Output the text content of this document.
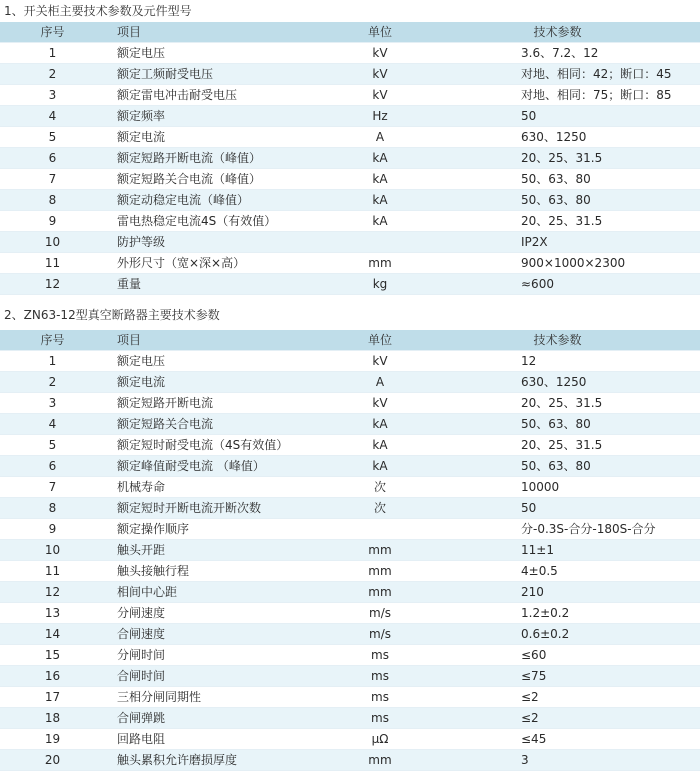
1、开关柜主要技术参数及元件型号
序号	项目	单位	技术参数
1	额定电压	kV	3.6、7.2、12
2	额定工频耐受电压	kV	对地、相同：42；断口：45
3	额定雷电冲击耐受电压	kV	对地、相同：75；断口：85
4	额定频率	Hz	50
5	额定电流	A	630、1250
6	额定短路开断电流（峰值）	kA	20、25、31.5
7	额定短路关合电流（峰值）	kA	50、63、80
8	额定动稳定电流（峰值）	kA	50、63、80
9	雷电热稳定电流4S（有效值）	kA	20、25、31.5
10	防护等级		IP2X
11	外形尺寸（宽×深×高）	mm	900×1000×2300
12	重量	kg	≈600
2、ZN63-12型真空断路器主要技术参数
序号	项目	单位	技术参数
1	额定电压	kV	12
2	额定电流	A	630、1250
3	额定短路开断电流	kV	20、25、31.5
4	额定短路关合电流	kA	50、63、80
5	额定短时耐受电流（4S有效值）	kA	20、25、31.5
6	额定峰值耐受电流 （峰值）	kA	50、63、80
7	机械寿命	次	10000
8	额定短时开断电流开断次数	次	50
9	额定操作顺序		分-0.3S-合分-180S-合分
10	触头开距	mm	11±1
11	触头接触行程	mm	4±0.5
12	相间中心距	mm	210
13	分闸速度	m/s	1.2±0.2
14	合闸速度	m/s	0.6±0.2
15	分闸时间	ms	≤60
16	合闸时间	ms	≤75
17	三相分闸同期性	ms	≤2
18	合闸弹跳	ms	≤2
19	回路电阻	μΩ	≤45
20	触头累积允许磨损厚度	mm	3
